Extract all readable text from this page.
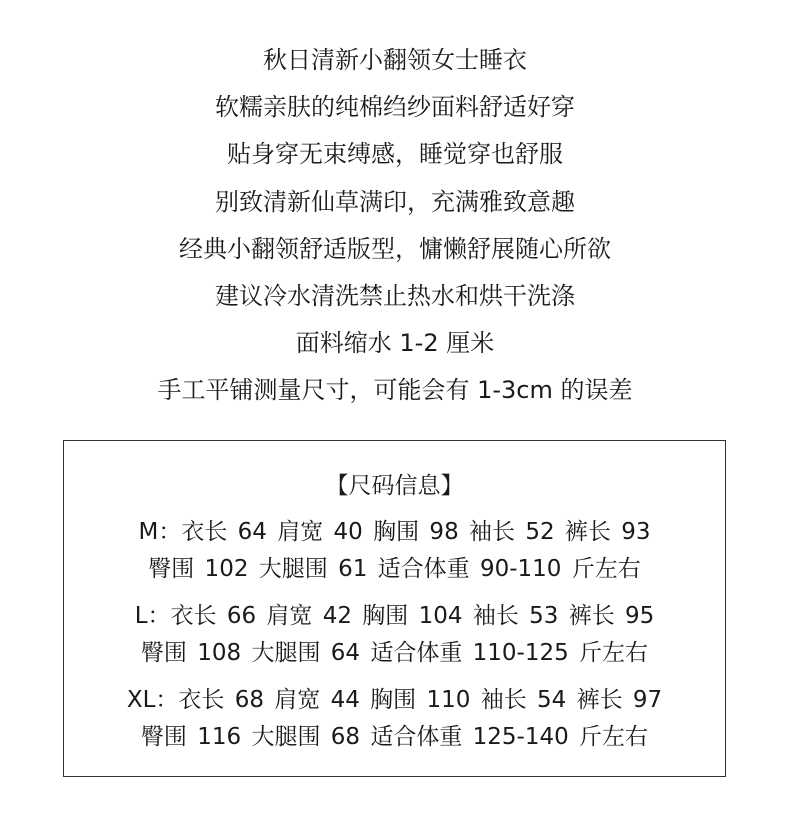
秋日清新小翻领女士睡衣
软糯亲肤的纯棉绉纱面料舒适好穿
贴身穿无束缚感，睡觉穿也舒服
别致清新仙草满印，充满雅致意趣
经典小翻领舒适版型，慵懒舒展随心所欲
建议冷水清洗禁止热水和烘干洗涤
面料缩水 1-2 厘米
手工平铺测量尺寸，可能会有 1-3cm 的误差
【尺码信息】
M：衣长 64 肩宽 40 胸围 98 袖长 52 裤长 93
臀围 102 大腿围 61 适合体重 90-110 斤左右
L：衣长 66 肩宽 42 胸围 104 袖长 53 裤长 95
臀围 108 大腿围 64 适合体重 110-125 斤左右
XL：衣长 68 肩宽 44 胸围 110 袖长 54 裤长 97
臀围 116 大腿围 68 适合体重 125-140 斤左右
